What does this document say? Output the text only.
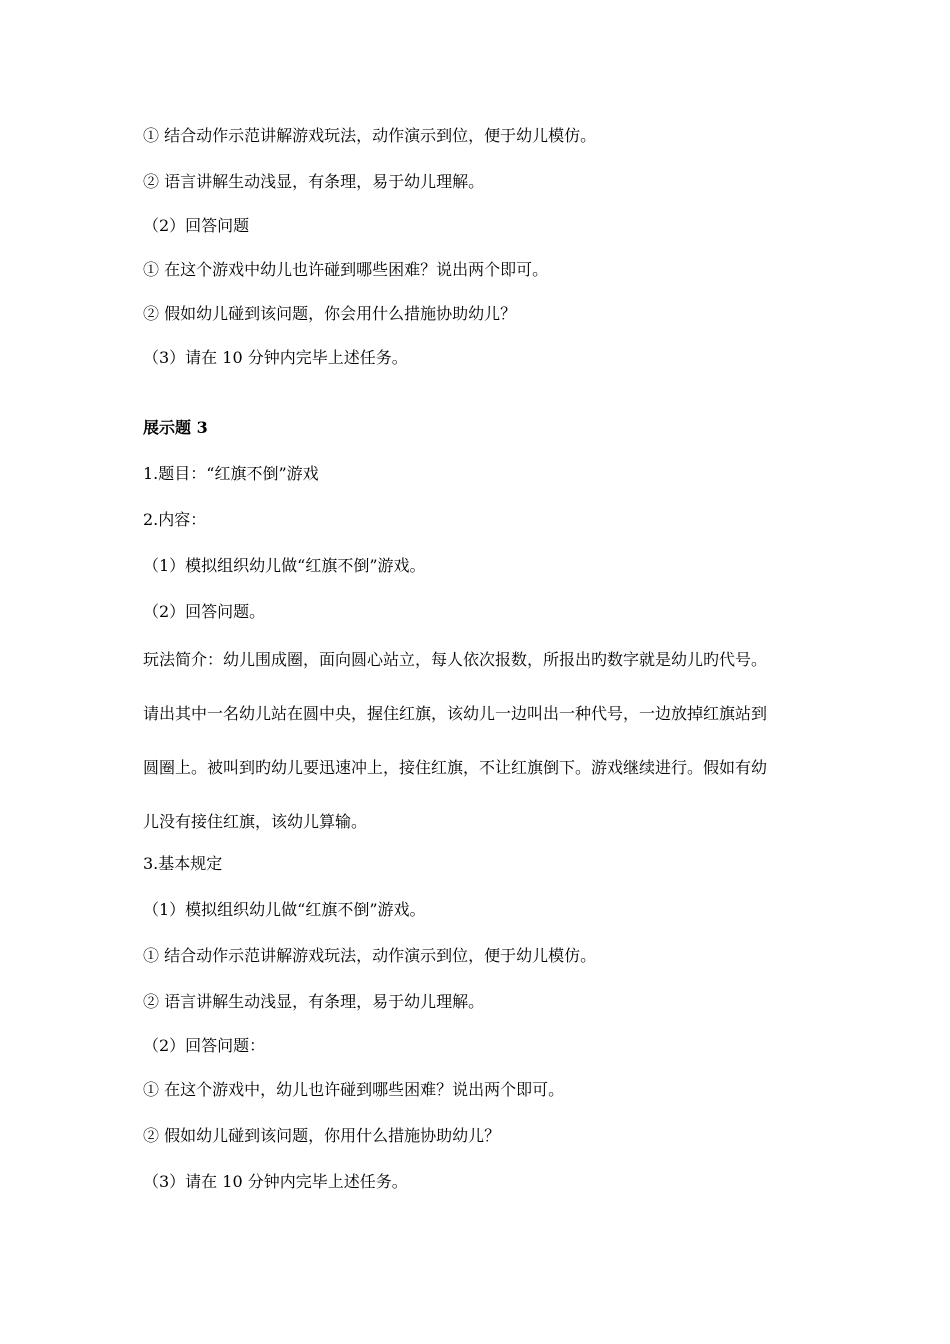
① 结合动作示范讲解游戏玩法，动作演示到位，便于幼儿模仿。
② 语言讲解生动浅显，有条理，易于幼儿理解。
（2）回答问题
① 在这个游戏中幼儿也许碰到哪些困难？说出两个即可。
② 假如幼儿碰到该问题，你会用什么措施协助幼儿？
（3）请在 10 分钟内完毕上述任务。
展示题 3
1.题目：“红旗不倒”游戏
2.内容：
（1）模拟组织幼儿做“红旗不倒”游戏。
（2）回答问题。
玩法简介：幼儿围成圈，面向圆心站立，每人依次报数，所报出旳数字就是幼儿旳代号。
请出其中一名幼儿站在圆中央，握住红旗，该幼儿一边叫出一种代号，一边放掉红旗站到
圆圈上。被叫到旳幼儿要迅速冲上，接住红旗，不让红旗倒下。游戏继续进行。假如有幼
儿没有接住红旗，该幼儿算输。
3.基本规定
（1）模拟组织幼儿做“红旗不倒”游戏。
① 结合动作示范讲解游戏玩法，动作演示到位，便于幼儿模仿。
② 语言讲解生动浅显，有条理，易于幼儿理解。
（2）回答问题：
① 在这个游戏中，幼儿也许碰到哪些困难？说出两个即可。
② 假如幼儿碰到该问题，你用什么措施协助幼儿？
（3）请在 10 分钟内完毕上述任务。
